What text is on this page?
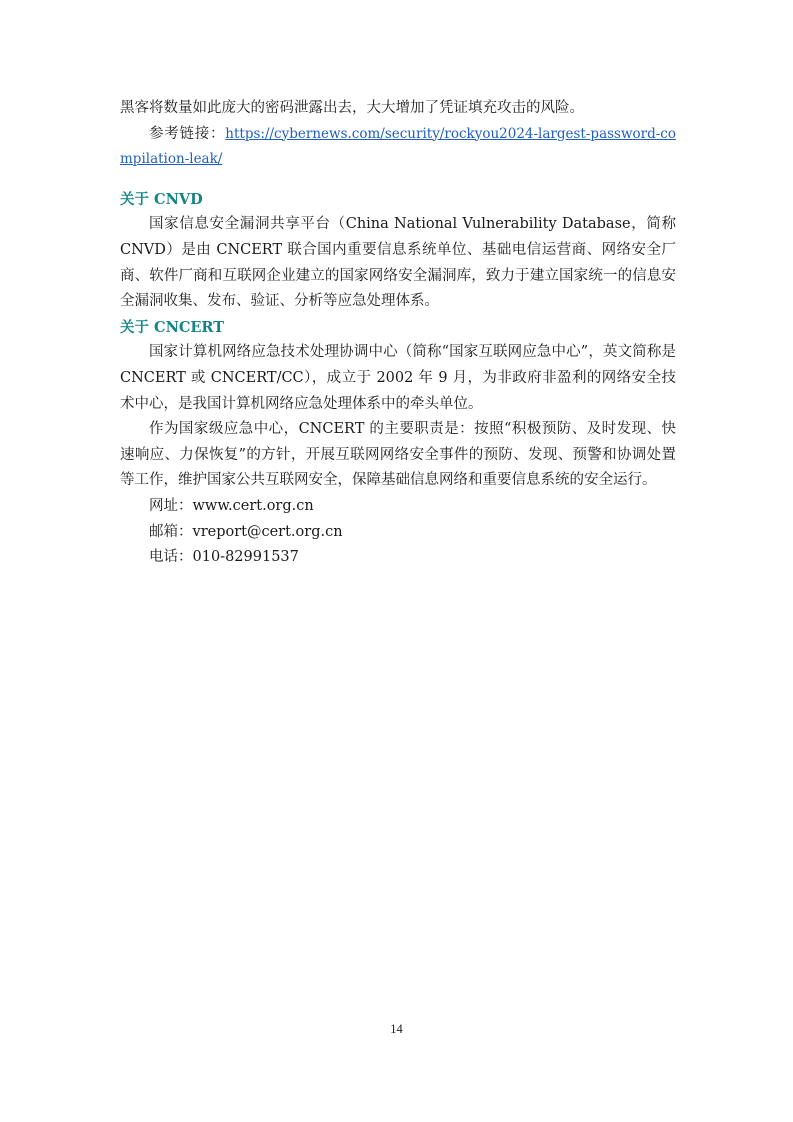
黑客将数量如此庞大的密码泄露出去，大大增加了凭证填充攻击的风险。

参考链接：https://cybernews.com/security/rockyou2024-largest-password-compilation-leak/

关于 CNVD

国家信息安全漏洞共享平台（China National Vulnerability Database，简称 CNVD）是由 CNCERT 联合国内重要信息系统单位、基础电信运营商、网络安全厂商、软件厂商和互联网企业建立的国家网络安全漏洞库，致力于建立国家统一的信息安全漏洞收集、发布、验证、分析等应急处理体系。

关于 CNCERT

国家计算机网络应急技术处理协调中心（简称“国家互联网应急中心”，英文简称是 CNCERT 或 CNCERT/CC），成立于 2002 年 9 月，为非政府非盈利的网络安全技术中心，是我国计算机网络应急处理体系中的牵头单位。

作为国家级应急中心，CNCERT 的主要职责是：按照“积极预防、及时发现、快速响应、力保恢复”的方针，开展互联网网络安全事件的预防、发现、预警和协调处置等工作，维护国家公共互联网安全，保障基础信息网络和重要信息系统的安全运行。

网址：www.cert.org.cn

邮箱：vreport@cert.org.cn

电话：010-82991537

14
